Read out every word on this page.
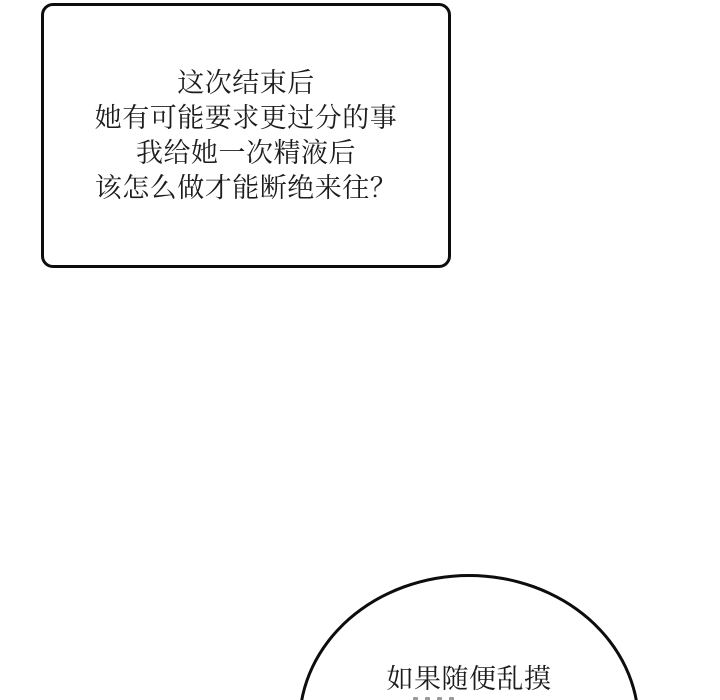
这次结束后
她有可能要求更过分的事
我给她一次精液后
该怎么做才能断绝来往？
如果随便乱摸
